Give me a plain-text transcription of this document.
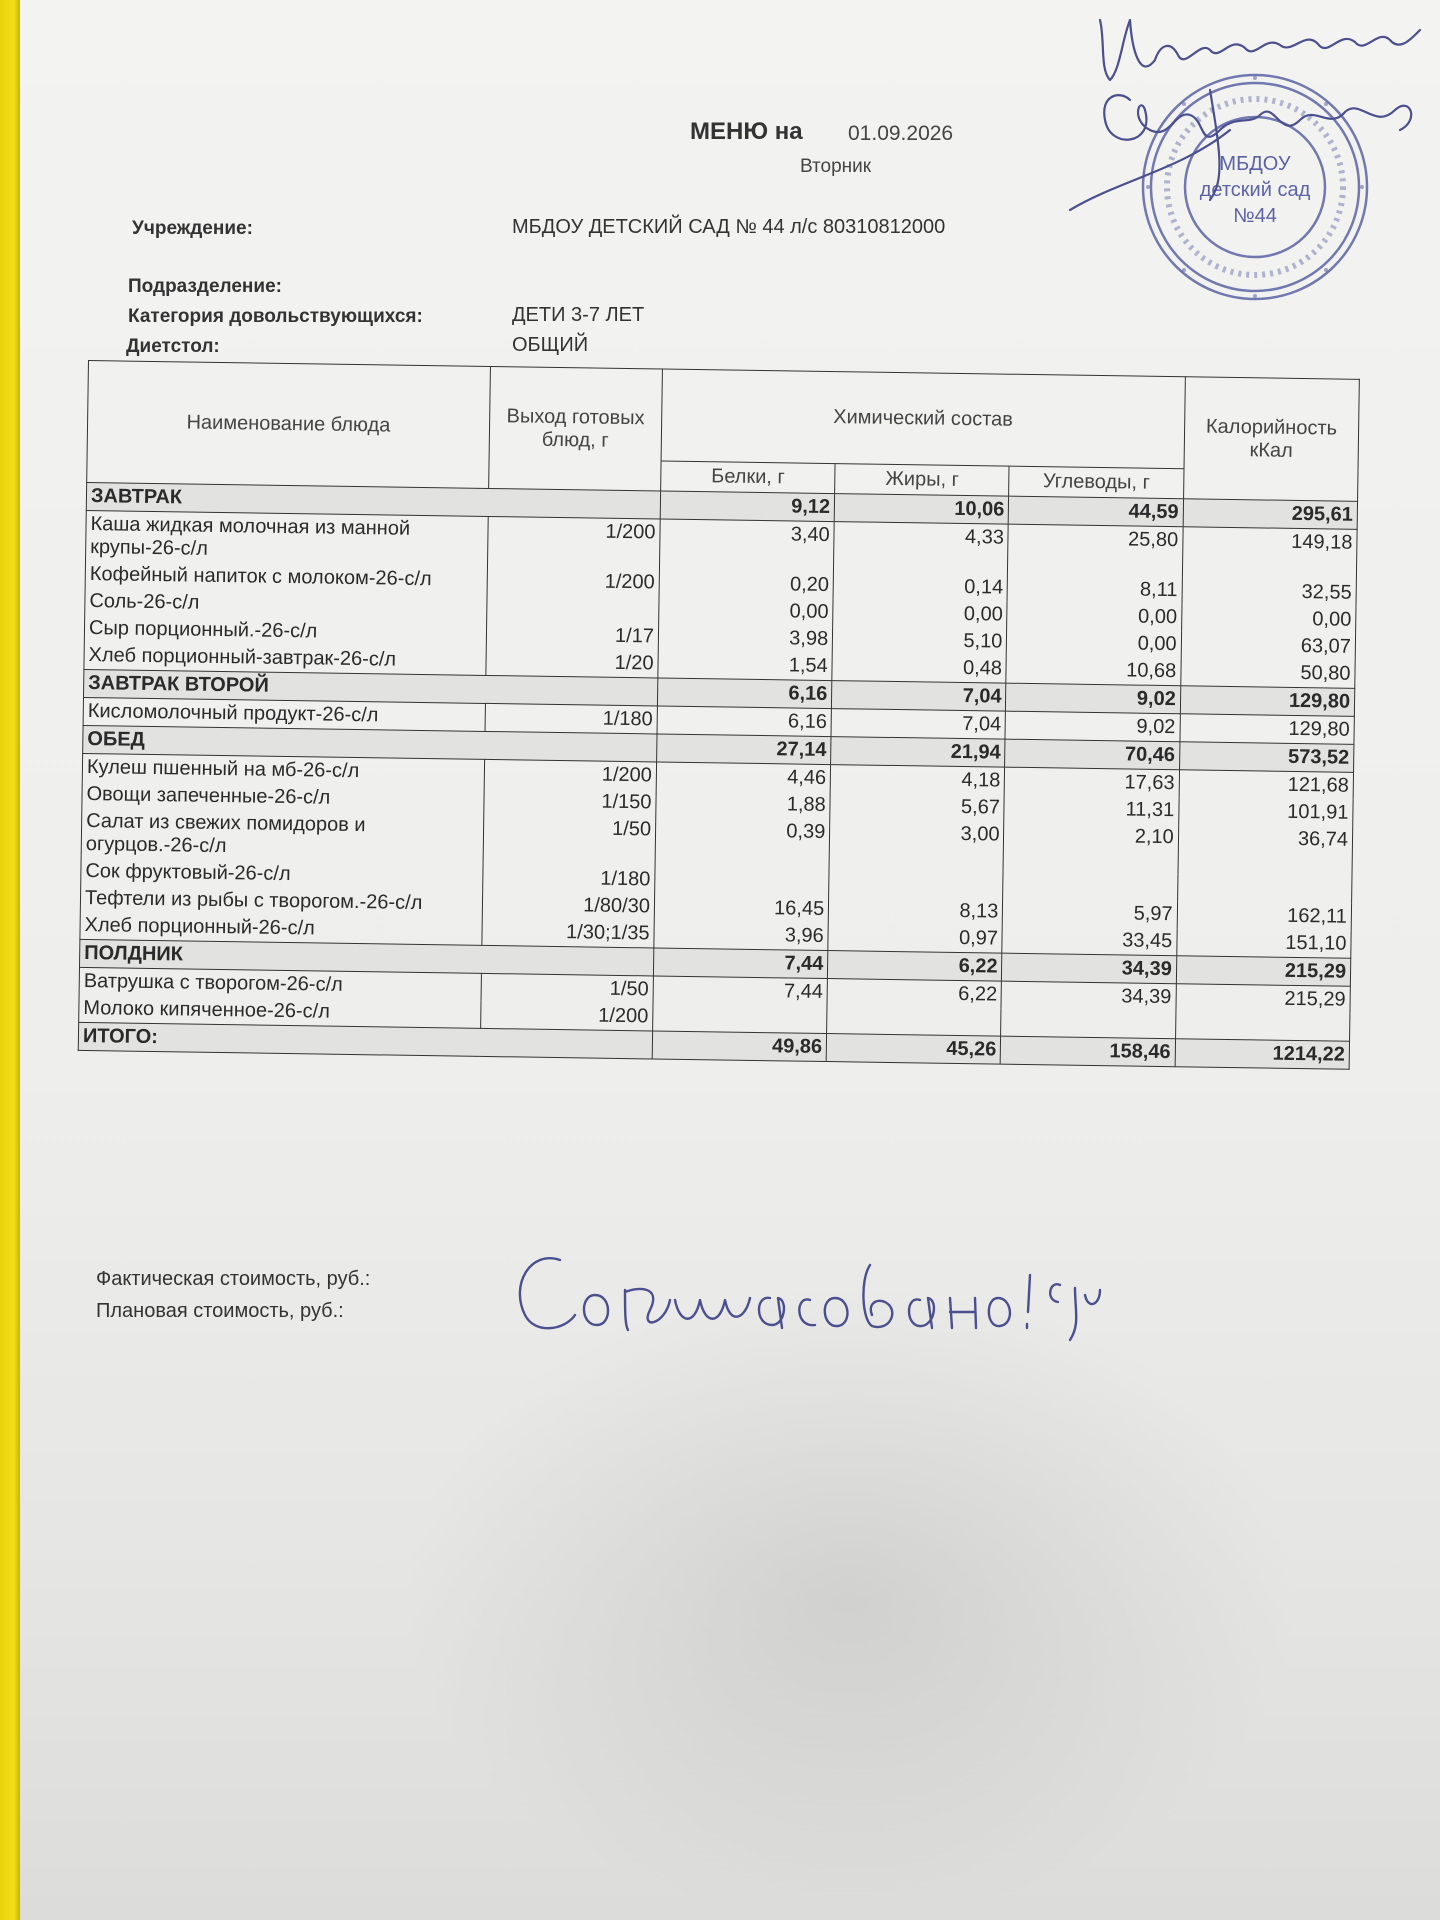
МЕНЮ на 01.09.2026
Вторник
Учреждение:	МБДОУ ДЕТСКИЙ САД № 44 л/с 80310812000
Подразделение:
Категория довольствующихся:	ДЕТИ 3-7 ЛЕТ
Диетстол:	ОБЩИЙ
Наименование блюда	Выход готовых блюд, г	Химический состав			Калорийность кКал
		Белки, г	Жиры, г	Углеводы, г	
ЗАВТРАК		9,12	10,06	44,59	295,61
Каша жидкая молочная из манной крупы-26-с/л	1/200	3,40	4,33	25,80	149,18
Кофейный напиток с молоком-26-с/л	1/200	0,20	0,14	8,11	32,55
Соль-26-с/л		0,00	0,00	0,00	0,00
Сыр порционный.-26-с/л	1/17	3,98	5,10	0,00	63,07
Хлеб порционный-завтрак-26-с/л	1/20	1,54	0,48	10,68	50,80
ЗАВТРАК ВТОРОЙ		6,16	7,04	9,02	129,80
Кисломолочный продукт-26-с/л	1/180	6,16	7,04	9,02	129,80
ОБЕД		27,14	21,94	70,46	573,52
Кулеш пшенный на мб-26-с/л	1/200	4,46	4,18	17,63	121,68
Овощи запеченные-26-с/л	1/150	1,88	5,67	11,31	101,91
Салат из свежих помидоров и огурцов.-26-с/л	1/50	0,39	3,00	2,10	36,74
Сок фруктовый-26-с/л	1/180				
Тефтели из рыбы с творогом.-26-с/л	1/80/30	16,45	8,13	5,97	162,11
Хлеб порционный-26-с/л	1/30;1/35	3,96	0,97	33,45	151,10
ПОЛДНИК		7,44	6,22	34,39	215,29
Ватрушка с творогом-26-с/л	1/50	7,44	6,22	34,39	215,29
Молоко кипяченное-26-с/л	1/200				
ИТОГО:		49,86	45,26	158,46	1214,22
Фактическая стоимость, руб.:
Плановая стоимость, руб.:
МБДОУ
детский сад
№44
